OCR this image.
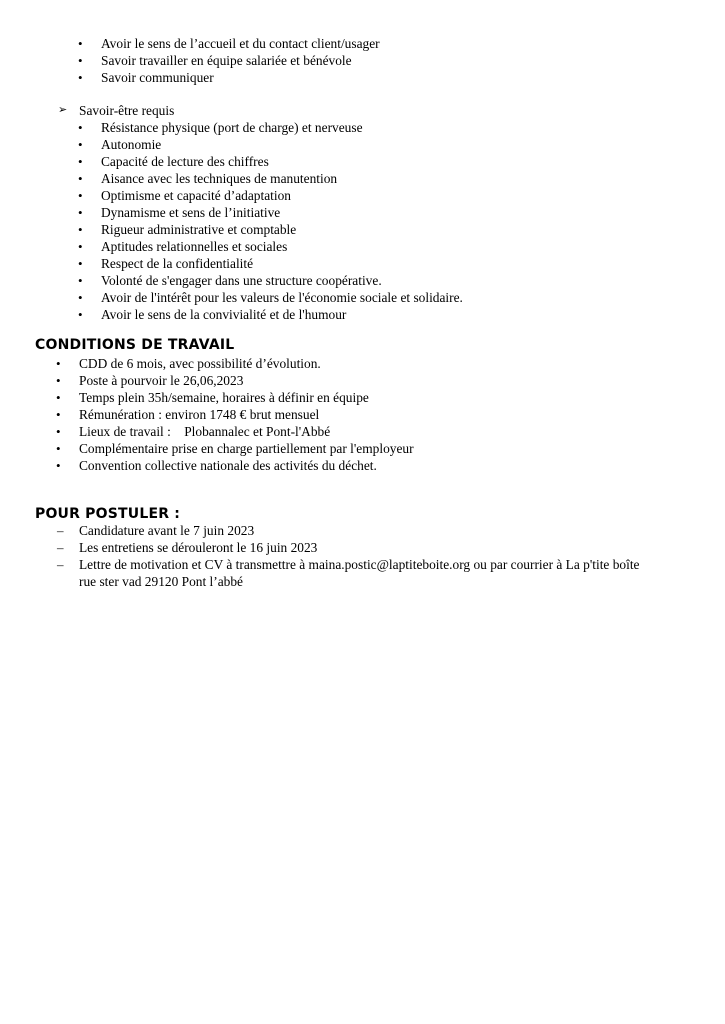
• Avoir le sens de l’accueil et du contact client/usager
• Savoir travailler en équipe salariée et bénévole
• Savoir communiquer
➢ Savoir-être requis
• Résistance physique (port de charge) et nerveuse
• Autonomie
• Capacité de lecture des chiffres
• Aisance avec les techniques de manutention
• Optimisme et capacité d’adaptation
• Dynamisme et sens de l’initiative
• Rigueur administrative et comptable
• Aptitudes relationnelles et sociales
• Respect de la confidentialité
• Volonté de s'engager dans une structure coopérative.
• Avoir de l'intérêt pour les valeurs de l'économie sociale et solidaire.
• Avoir le sens de la convivialité et de l'humour
CONDITIONS DE TRAVAIL
• CDD de 6 mois, avec possibilité d’évolution.
• Poste à pourvoir le 26,06,2023
• Temps plein 35h/semaine, horaires à définir en équipe
• Rémunération : environ 1748 € brut mensuel
• Lieux de travail :    Plobannalec et Pont-l'Abbé
• Complémentaire prise en charge partiellement par l'employeur
• Convention collective nationale des activités du déchet.
POUR POSTULER :
– Candidature avant le 7 juin 2023
– Les entretiens se dérouleront le 16 juin 2023
– Lettre de motivation et CV à transmettre à maina.postic@laptiteboite.org ou par courrier à La p'tite boîte
rue ster vad 29120 Pont l’abbé
